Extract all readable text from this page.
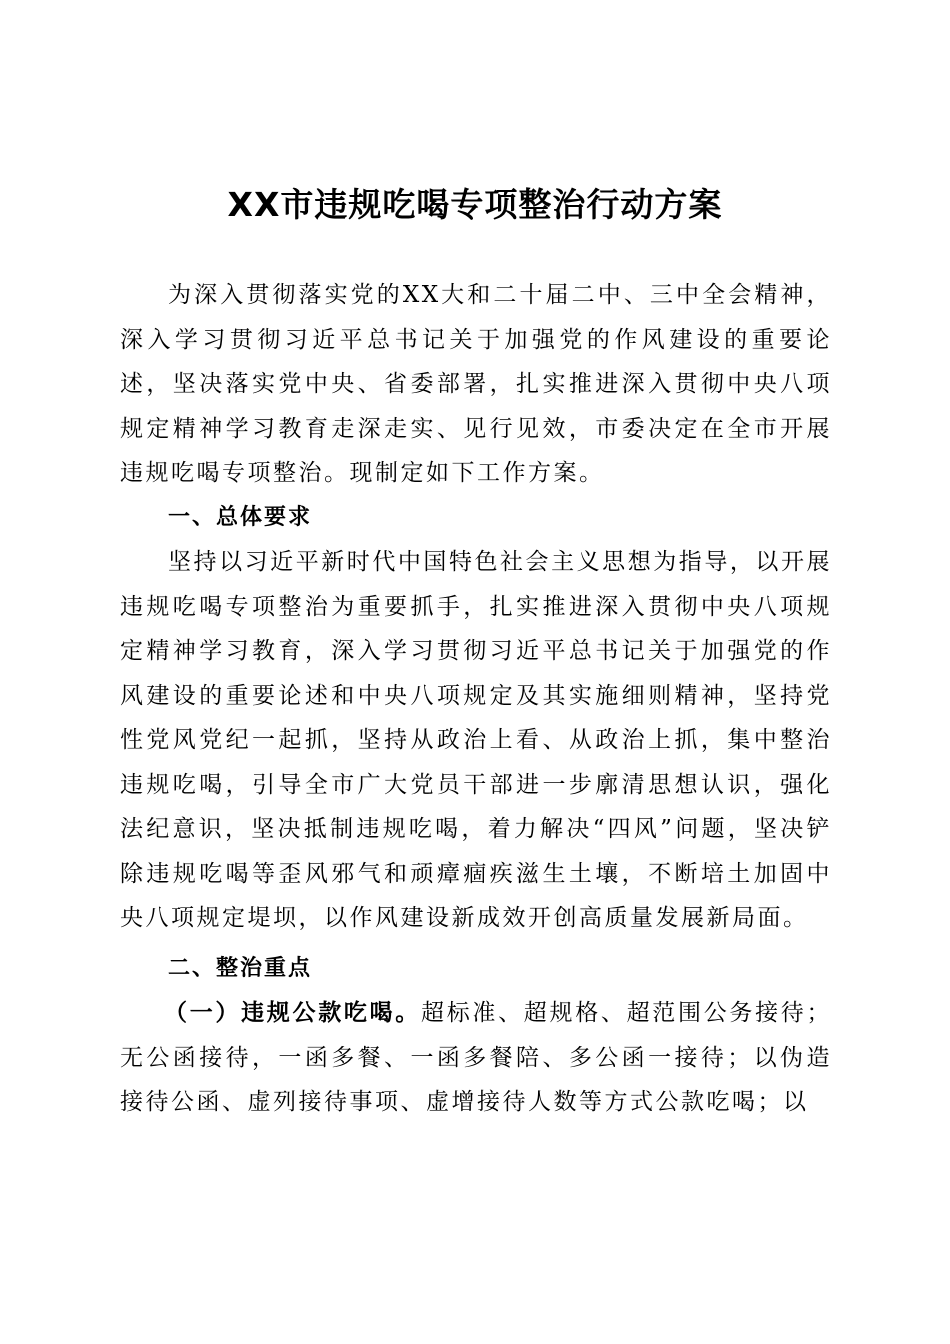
XX市违规吃喝专项整治行动方案

为深入贯彻落实党的XX大和二十届二中、三中全会精神，深入学习贯彻习近平总书记关于加强党的作风建设的重要论述，坚决落实党中央、省委部署，扎实推进深入贯彻中央八项规定精神学习教育走深走实、见行见效，市委决定在全市开展违规吃喝专项整治。现制定如下工作方案。

一、总体要求

坚持以习近平新时代中国特色社会主义思想为指导，以开展违规吃喝专项整治为重要抓手，扎实推进深入贯彻中央八项规定精神学习教育，深入学习贯彻习近平总书记关于加强党的作风建设的重要论述和中央八项规定及其实施细则精神，坚持党性党风党纪一起抓，坚持从政治上看、从政治上抓，集中整治违规吃喝，引导全市广大党员干部进一步廓清思想认识，强化法纪意识，坚决抵制违规吃喝，着力解决“四风”问题，坚决铲除违规吃喝等歪风邪气和顽瘴痼疾滋生土壤，不断培土加固中央八项规定堤坝，以作风建设新成效开创高质量发展新局面。

二、整治重点

（一）违规公款吃喝。超标准、超规格、超范围公务接待；无公函接待，一函多餐、一函多餐陪、多公函一接待；以伪造接待公函、虚列接待事项、虚增接待人数等方式公款吃喝；以
